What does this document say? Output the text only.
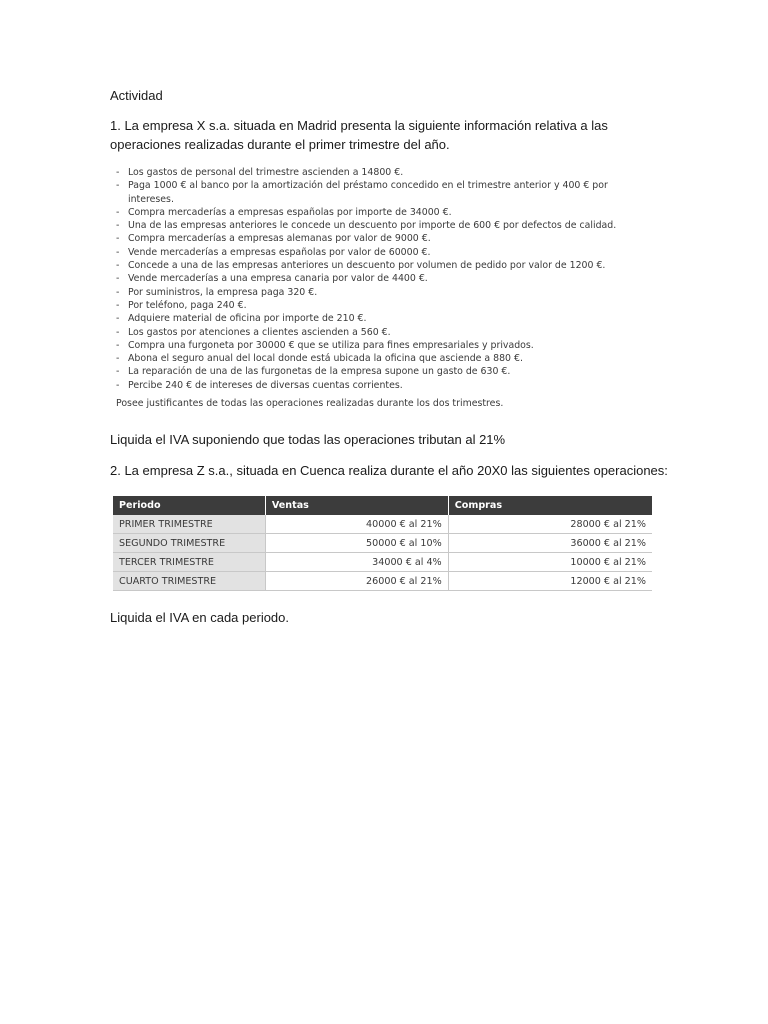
Actividad
1. La empresa X s.a. situada en Madrid presenta la siguiente información relativa a las operaciones realizadas durante el primer trimestre del año.
- Los gastos de personal del trimestre ascienden a 14800 €.
- Paga 1000 € al banco por la amortización del préstamo concedido en el trimestre anterior y 400 € por intereses.
- Compra mercaderías a empresas españolas por importe de 34000 €.
- Una de las empresas anteriores le concede un descuento por importe de 600 € por defectos de calidad.
- Compra mercaderías a empresas alemanas por valor de 9000 €.
- Vende mercaderías a empresas españolas por valor de 60000 €.
- Concede a una de las empresas anteriores un descuento por volumen de pedido por valor de 1200 €.
- Vende mercaderías a una empresa canaria por valor de 4400 €.
- Por suministros, la empresa paga 320 €.
- Por teléfono, paga 240 €.
- Adquiere material de oficina por importe de 210 €.
- Los gastos por atenciones a clientes ascienden a 560 €.
- Compra una furgoneta por 30000 € que se utiliza para fines empresariales y privados.
- Abona el seguro anual del local donde está ubicada la oficina que asciende a 880 €.
- La reparación de una de las furgonetas de la empresa supone un gasto de 630 €.
- Percibe 240 € de intereses de diversas cuentas corrientes.
Posee justificantes de todas las operaciones realizadas durante los dos trimestres.
Liquida el IVA suponiendo que todas las operaciones tributan al 21%
2. La empresa Z s.a., situada en Cuenca realiza durante el año 20X0 las siguientes operaciones:
Periodo	Ventas	Compras
PRIMER TRIMESTRE	40000 € al 21%	28000 € al 21%
SEGUNDO TRIMESTRE	50000 € al 10%	36000 € al 21%
TERCER TRIMESTRE	34000 € al 4%	10000 € al 21%
CUARTO TRIMESTRE	26000 € al 21%	12000 € al 21%
Liquida el IVA en cada periodo.
